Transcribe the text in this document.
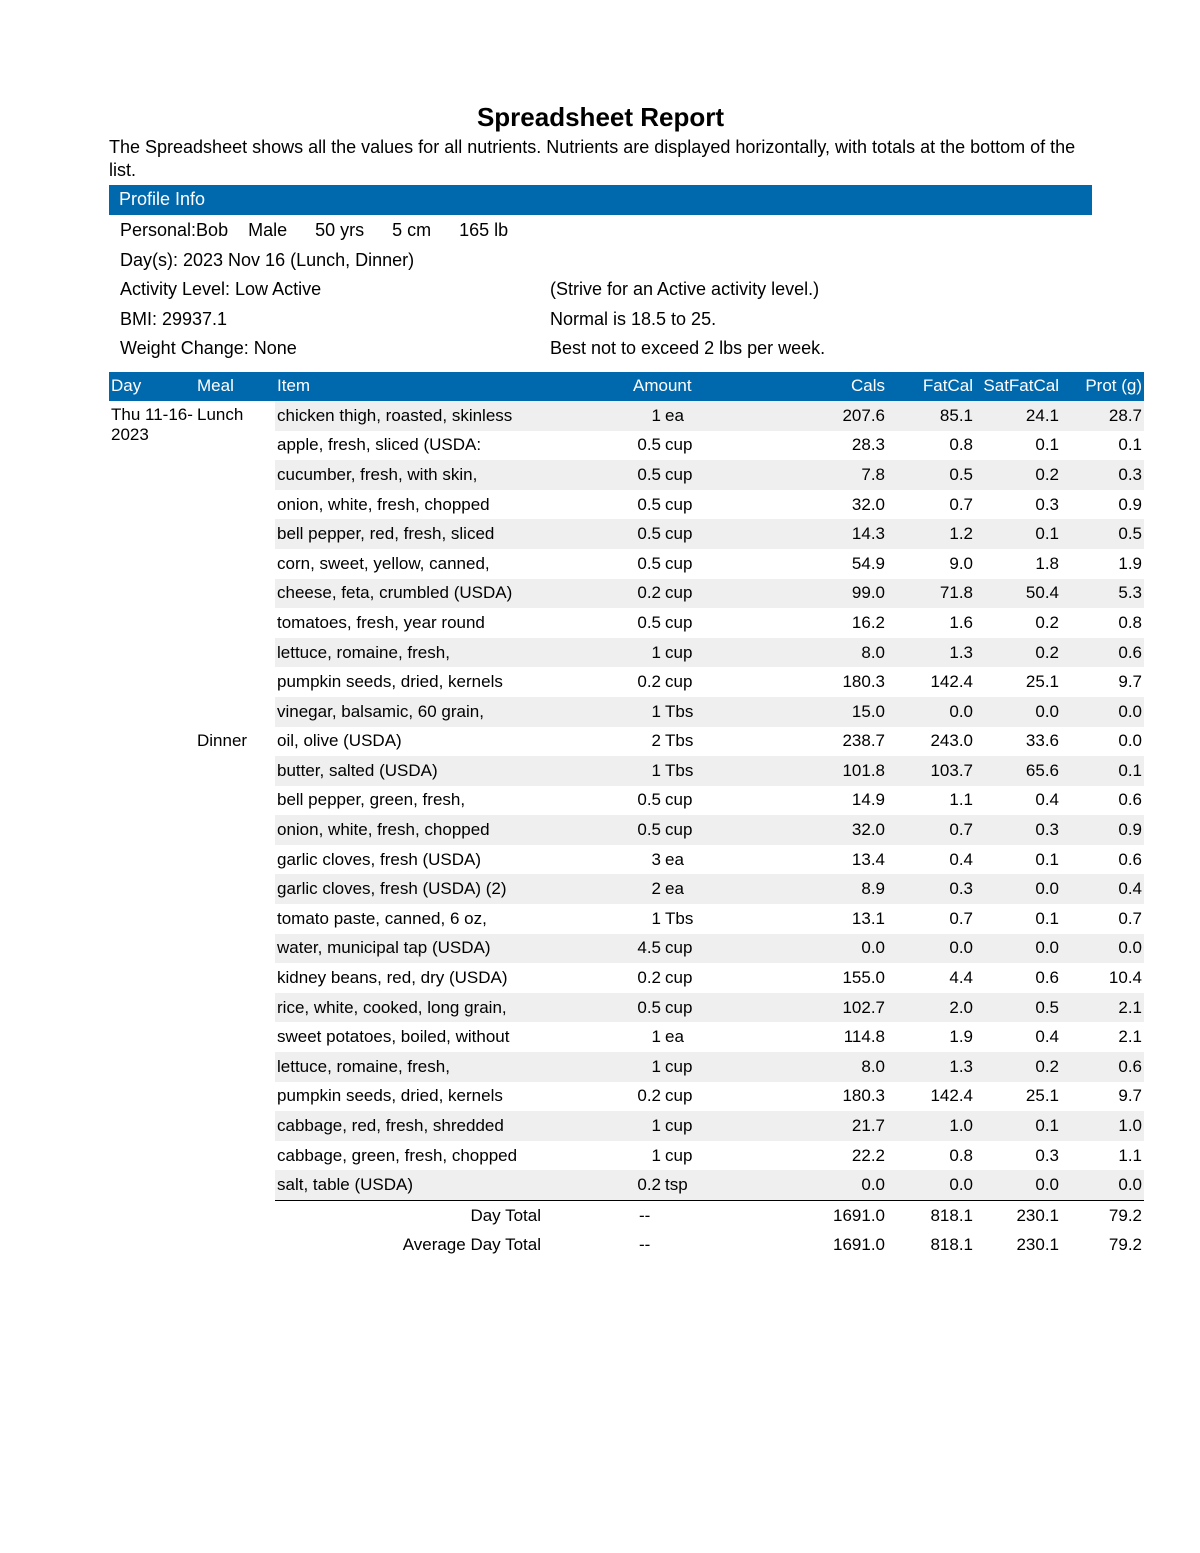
Spreadsheet Report

The Spreadsheet shows all the values for all nutrients. Nutrients are displayed horizontally, with totals at the bottom of the list.

Profile Info
Personal: Bob Male 50 yrs 5 cm 165 lb
Day(s): 2023 Nov 16 (Lunch, Dinner)
Activity Level: Low Active	(Strive for an Active activity level.)
BMI: 29937.1	Normal is 18.5 to 25.
Weight Change: None	Best not to exceed 2 lbs per week.
Day	Meal	Item	Amount		Cals	FatCal	SatFatCal	Prot (g)
Thu 11-16-2023	Lunch	chicken thigh, roasted, skinless	1	ea	207.6	85.1	24.1	28.7
		apple, fresh, sliced (USDA:	0.5	cup	28.3	0.8	0.1	0.1
		cucumber, fresh, with skin,	0.5	cup	7.8	0.5	0.2	0.3
		onion, white, fresh, chopped	0.5	cup	32.0	0.7	0.3	0.9
		bell pepper, red, fresh, sliced	0.5	cup	14.3	1.2	0.1	0.5
		corn, sweet, yellow, canned,	0.5	cup	54.9	9.0	1.8	1.9
		cheese, feta, crumbled (USDA)	0.2	cup	99.0	71.8	50.4	5.3
		tomatoes, fresh, year round	0.5	cup	16.2	1.6	0.2	0.8
		lettuce, romaine, fresh,	1	cup	8.0	1.3	0.2	0.6
		pumpkin seeds, dried, kernels	0.2	cup	180.3	142.4	25.1	9.7
		vinegar, balsamic, 60 grain,	1	Tbs	15.0	0.0	0.0	0.0
	Dinner	oil, olive (USDA)	2	Tbs	238.7	243.0	33.6	0.0
		butter, salted (USDA)	1	Tbs	101.8	103.7	65.6	0.1
		bell pepper, green, fresh,	0.5	cup	14.9	1.1	0.4	0.6
		onion, white, fresh, chopped	0.5	cup	32.0	0.7	0.3	0.9
		garlic cloves, fresh (USDA)	3	ea	13.4	0.4	0.1	0.6
		garlic cloves, fresh (USDA) (2)	2	ea	8.9	0.3	0.0	0.4
		tomato paste, canned, 6 oz,	1	Tbs	13.1	0.7	0.1	0.7
		water, municipal tap (USDA)	4.5	cup	0.0	0.0	0.0	0.0
		kidney beans, red, dry (USDA)	0.2	cup	155.0	4.4	0.6	10.4
		rice, white, cooked, long grain,	0.5	cup	102.7	2.0	0.5	2.1
		sweet potatoes, boiled, without	1	ea	114.8	1.9	0.4	2.1
		lettuce, romaine, fresh,	1	cup	8.0	1.3	0.2	0.6
		pumpkin seeds, dried, kernels	0.2	cup	180.3	142.4	25.1	9.7
		cabbage, red, fresh, shredded	1	cup	21.7	1.0	0.1	1.0
		cabbage, green, fresh, chopped	1	cup	22.2	0.8	0.3	1.1
		salt, table (USDA)	0.2	tsp	0.0	0.0	0.0	0.0
		Day Total	--		1691.0	818.1	230.1	79.2
		Average Day Total	--		1691.0	818.1	230.1	79.2
